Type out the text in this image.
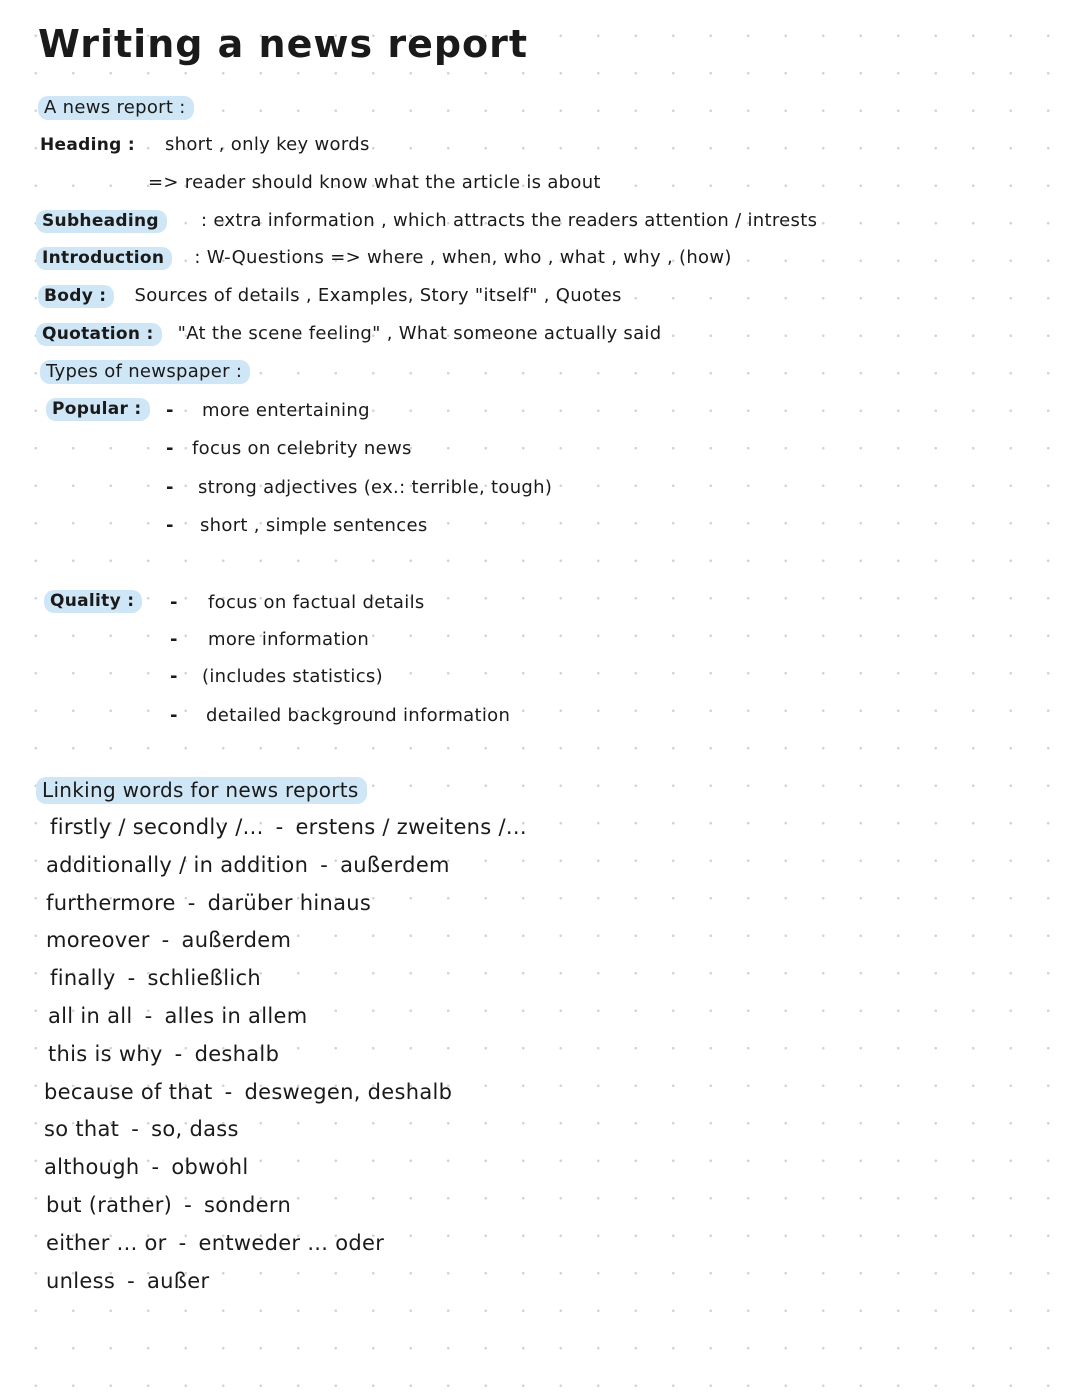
Writing a news report
A news report :
Heading : short , only key words
=> reader should know what the article is about
Subheading : extra information , which attracts the readers attention / intrests
Introduction : W-Questions => where , when, who , what , why , (how)
Body : Sources of details , Examples, Story "itself" , Quotes
Quotation : "At the scene feeling" , What someone actually said
Types of newspaper :
Popular :	- more entertaining
- focus on celebrity news
- strong adjectives (ex.: terrible, tough)
- short , simple sentences
Quality :	- focus on factual details
- more information
- (includes statistics)
- detailed background information
Linking words for news reports
firstly / secondly /... - erstens / zweitens /...
additionally / in addition - außerdem
furthermore - darüber hinaus
moreover - außerdem
finally - schließlich
all in all - alles in allem
this is why - deshalb
because of that - deswegen, deshalb
so that - so, dass
although - obwohl
but (rather) - sondern
either ... or - entweder ... oder
unless - außer
